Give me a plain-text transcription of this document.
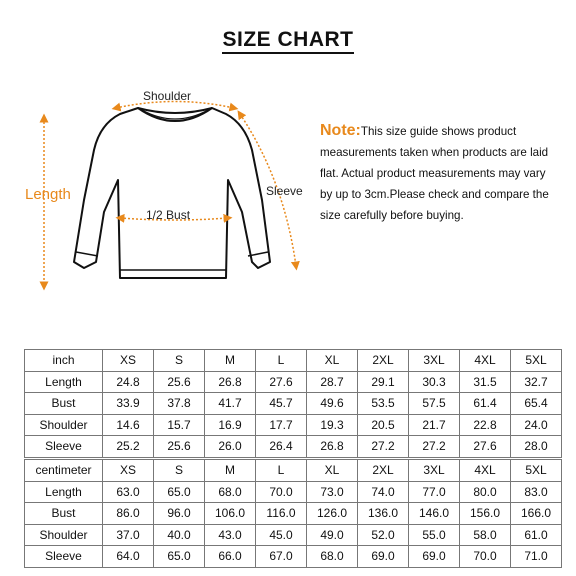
SIZE CHART
Shoulder
Length	Sleeve
1/2 Bust
Note:This size guide shows product measurements taken when products are laid flat. Actual product measurements may vary by up to 3cm.Please check and compare the size carefully before buying.
inch	XS	S	M	L	XL	2XL	3XL	4XL	5XL
Length	24.8	25.6	26.8	27.6	28.7	29.1	30.3	31.5	32.7
Bust	33.9	37.8	41.7	45.7	49.6	53.5	57.5	61.4	65.4
Shoulder	14.6	15.7	16.9	17.7	19.3	20.5	21.7	22.8	24.0
Sleeve	25.2	25.6	26.0	26.4	26.8	27.2	27.2	27.6	28.0
centimeter	XS	S	M	L	XL	2XL	3XL	4XL	5XL
Length	63.0	65.0	68.0	70.0	73.0	74.0	77.0	80.0	83.0
Bust	86.0	96.0	106.0	116.0	126.0	136.0	146.0	156.0	166.0
Shoulder	37.0	40.0	43.0	45.0	49.0	52.0	55.0	58.0	61.0
Sleeve	64.0	65.0	66.0	67.0	68.0	69.0	69.0	70.0	71.0
